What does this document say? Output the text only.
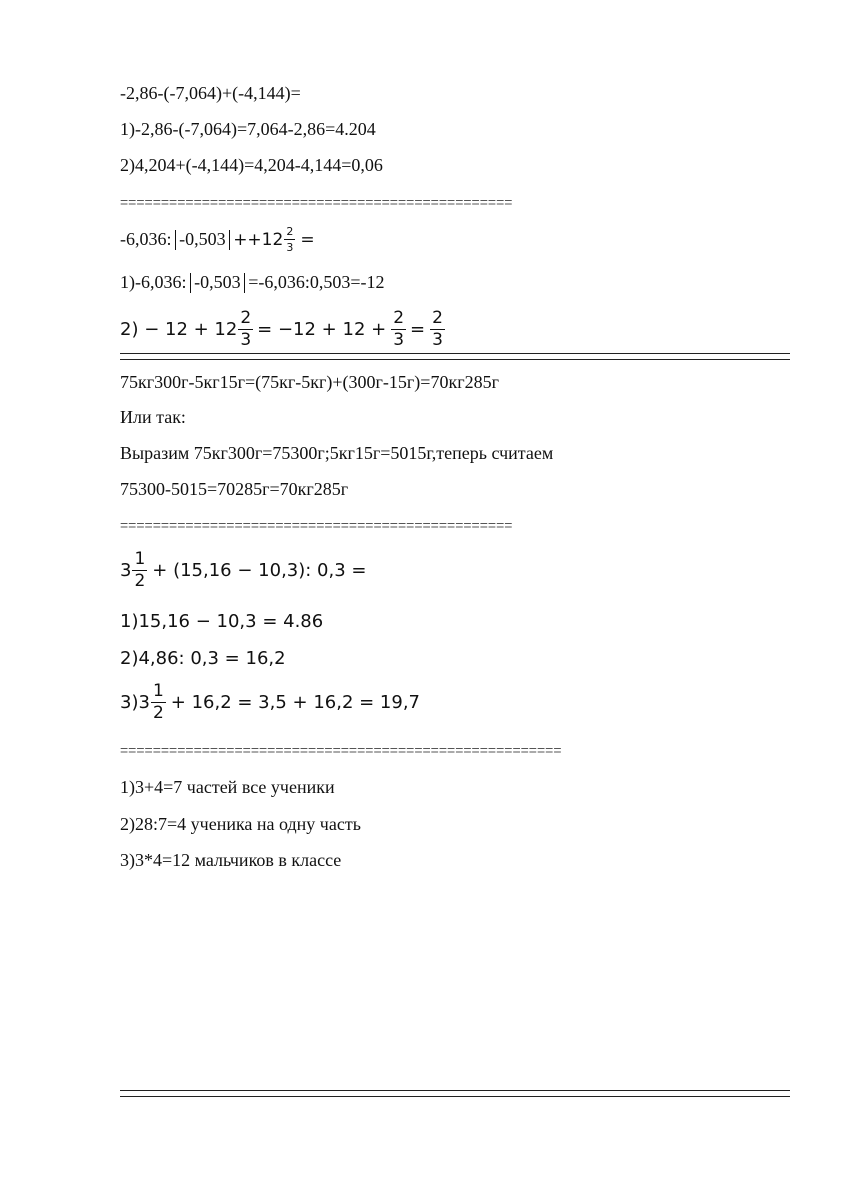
-2,86-(-7,064)+(-4,144)=
1)-2,86-(-7,064)=7,064-2,86=4.204
2)4,204+(-4,144)=4,204-4,144=0,06
================================================
-6,036: $-0,503 ++12 \frac{2}{3}$ =
1)-6,036: -0,503 =-6,036:0,503=-12
$2) - 12 + 12 \frac{2}{3} = -12 + 12 + \frac{2}{3} = \frac{2}{3}$
75кг300г-5кг15г=(75кг-5кг)+(300г-15г)=70кг285г
Или так:
Выразим 75кг300г=75300г;5кг15г=5015г,теперь считаем
75300-5015=70285г=70кг285г
================================================
$3 \frac{1}{2} + (15,16 - 10,3)$: 0,3 =
1)15,16 − 10,3 = 4.86
2)4,86: 0,3 = 16,2
$3)3 \frac{1}{2} + 16,2 = 3,5 + 16,2 = 19,7$
======================================================
1)3+4=7 частей все ученики
2)28:7=4 ученика на одну часть
3)3*4=12 мальчиков в классе
